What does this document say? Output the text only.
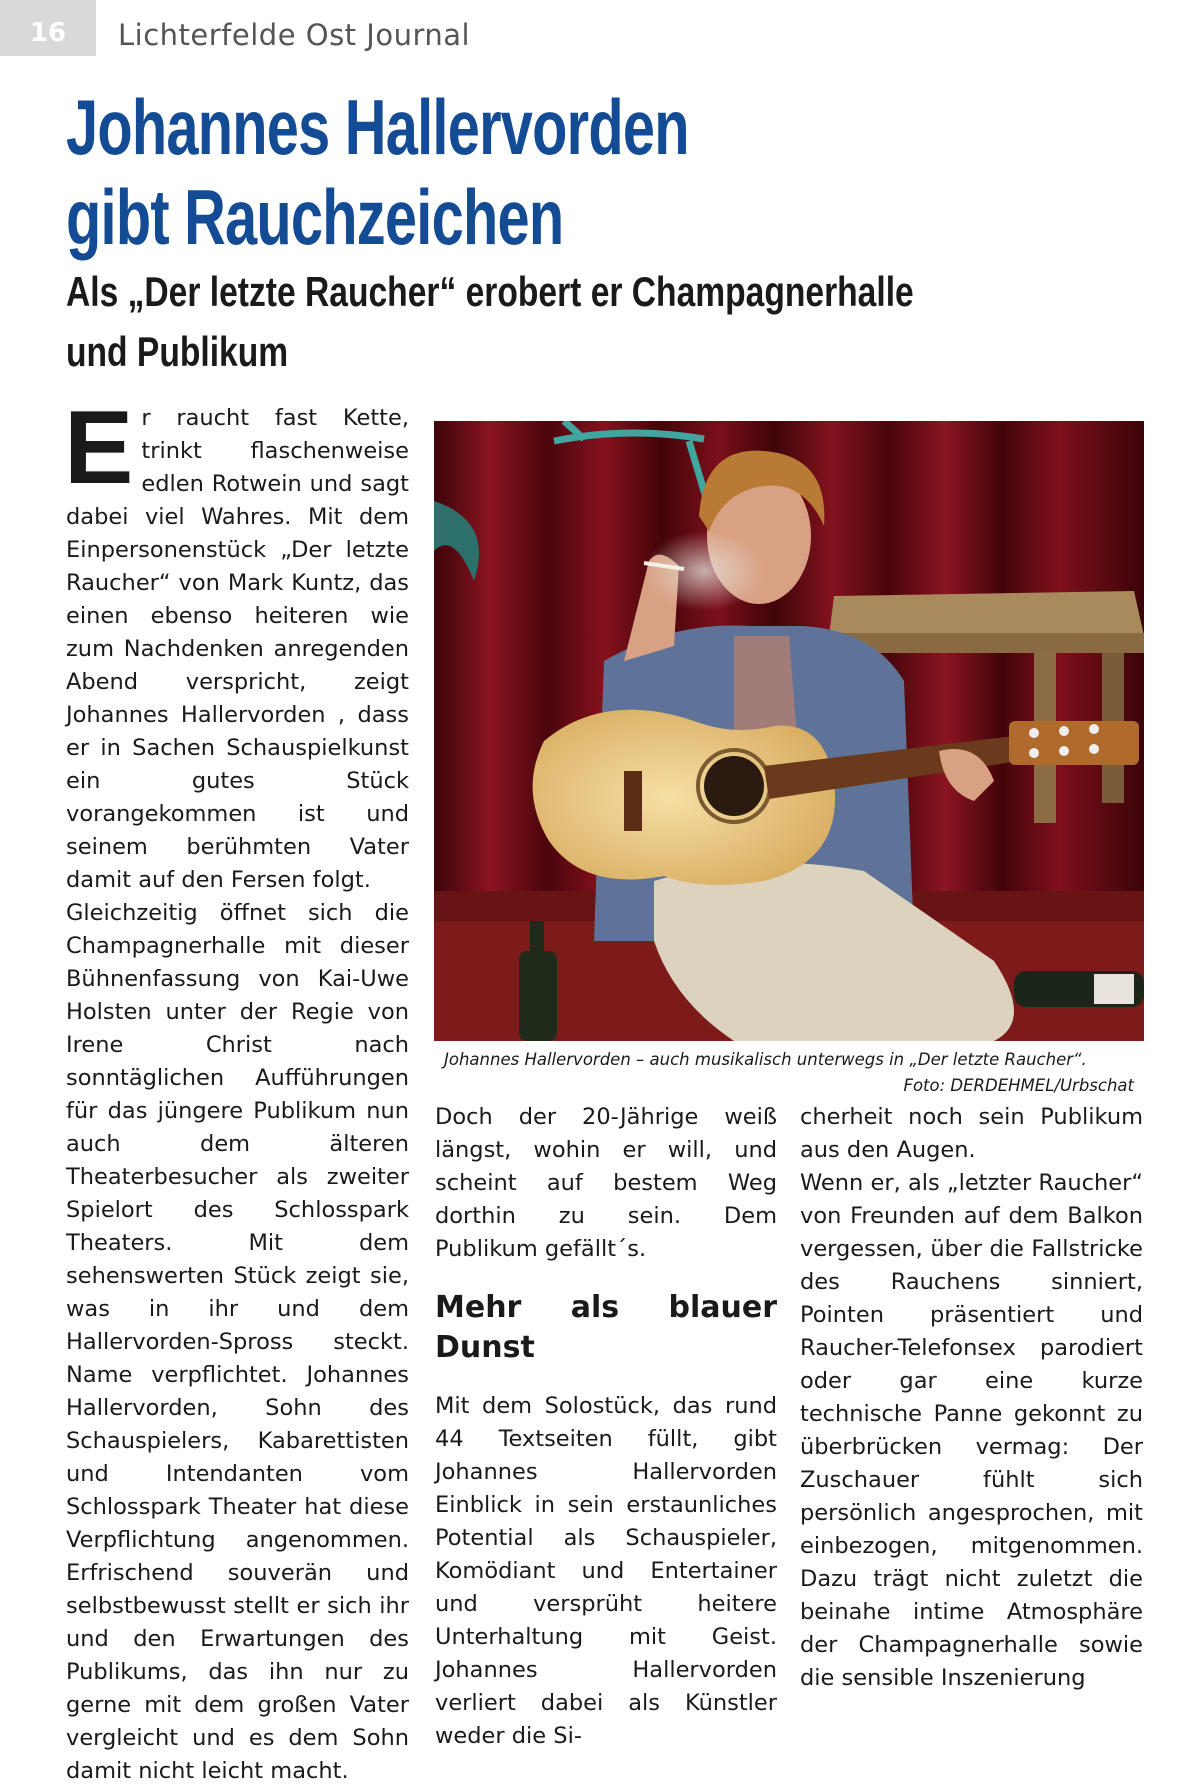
16	Lichterfelde Ost Journal
Johannes Hallervorden
gibt Rauchzeichen
Als „Der letzte Raucher“ erobert er Champagnerhalle
und Publikum
E r raucht fast Kette, trinkt flaschenweise edlen Rotwein und sagt dabei viel Wahres. Mit dem Einpersonenstück „Der letzte Raucher“ von Mark Kuntz, das einen ebenso heiteren wie zum Nachdenken anregenden Abend verspricht, zeigt Johannes Hallervorden , dass er in Sachen Schauspielkunst ein gutes Stück vorangekommen ist und seinem berühmten Vater damit auf den Fersen folgt.

Gleichzeitig öffnet sich die Champagnerhalle mit dieser Bühnenfassung von Kai-Uwe Holsten unter der Regie von Irene Christ nach sonntäglichen Aufführungen für das jüngere Publikum nun auch dem älteren Theaterbesucher als zweiter Spielort des Schlosspark Theaters. Mit dem sehenswerten Stück zeigt sie, was in ihr und dem Hallervorden-Spross steckt. Name verpflichtet. Johannes Hallervorden, Sohn des Schauspielers, Kabarettisten und Intendanten vom Schlosspark Theater hat diese Verpflichtung angenommen. Erfrischend souverän und selbstbewusst stellt er sich ihr und den Erwartungen des Publikums, das ihn nur zu gerne mit dem großen Vater vergleicht und es dem Sohn damit nicht leicht macht.

Johannes Hallervorden – auch musikalisch unterwegs in „Der letzte Raucher“.
Foto: DERDEHMEL/Urbschat

Doch der 20-Jährige weiß längst, wohin er will, und scheint auf bestem Weg dorthin zu sein. Dem Publikum gefällt´s.

Mehr als blauer Dunst

Mit dem Solostück, das rund 44 Textseiten füllt, gibt Johannes Hallervorden Einblick in sein erstaunliches Potential als Schauspieler, Komödiant und Entertainer und versprüht heitere Unterhaltung mit Geist. Johannes Hallervorden verliert dabei als Künstler weder die Si-

cherheit noch sein Publikum aus den Augen.

Wenn er, als „letzter Raucher“ von Freunden auf dem Balkon vergessen, über die Fallstricke des Rauchens sinniert, Pointen präsentiert und Raucher-Telefonsex parodiert oder gar eine kurze technische Panne gekonnt zu überbrücken vermag: Der Zuschauer fühlt sich persönlich angesprochen, mit einbezogen, mitgenommen. Dazu trägt nicht zuletzt die beinahe intime Atmosphäre der Champagnerhalle sowie die sensible Inszenierung
